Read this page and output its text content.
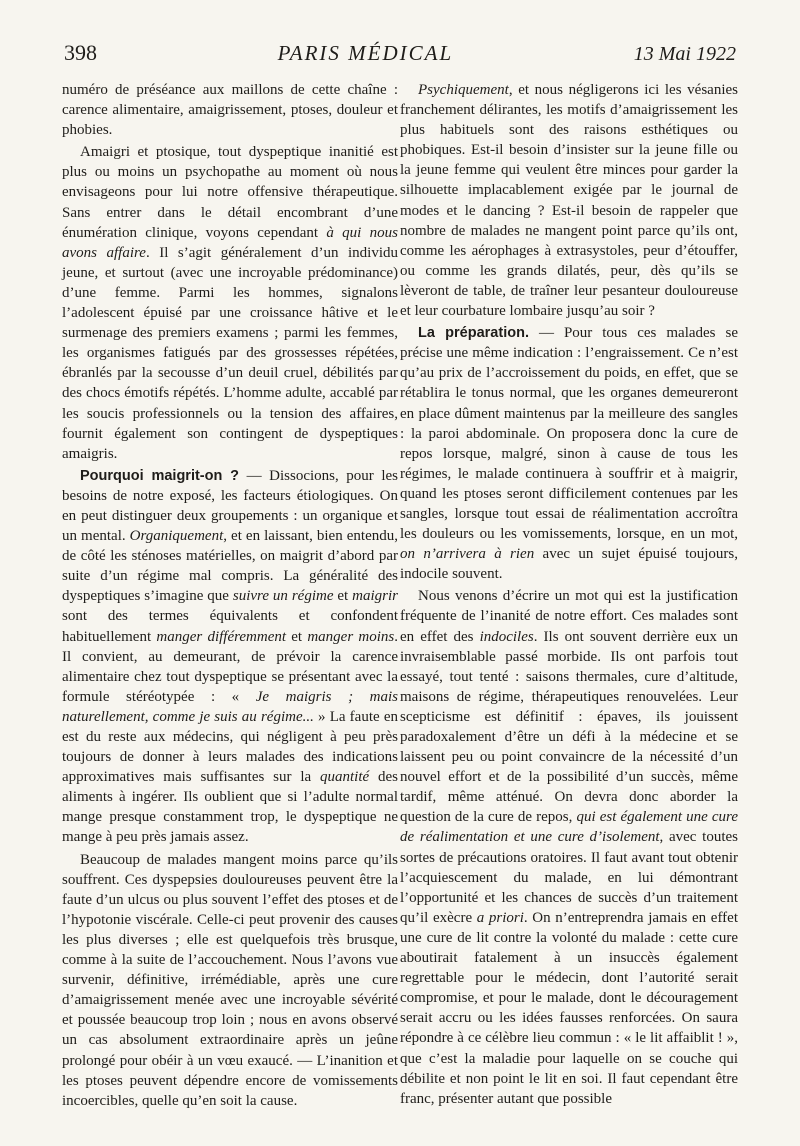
398	PARIS MÉDICAL	13 Mai 1922

numéro de préséance aux maillons de cette chaîne : carence alimentaire, amaigrissement, ptoses, douleur et phobies.

Amaigri et ptosique, tout dyspeptique inanitié est plus ou moins un psychopathe au moment où nous envisageons pour lui notre offensive thérapeutique. Sans entrer dans le détail encombrant d’une énumération clinique, voyons cependant à qui nous avons affaire. Il s’agit généralement d’un individu jeune, et surtout (avec une incroyable prédominance) d’une femme. Parmi les hommes, signalons l’adolescent épuisé par une croissance hâtive et le surmenage des premiers examens ; parmi les femmes, les organismes fatigués par des grossesses répétées, ébranlés par la secousse d’un deuil cruel, débilités par des chocs émotifs répétés. L’homme adulte, accablé par les soucis professionnels ou la tension des affaires, fournit également son contingent de dyspeptiques amaigris.

Pourquoi maigrit-on ? — Dissocions, pour les besoins de notre exposé, les facteurs étiologiques. On en peut distinguer deux groupements : un organique et un mental. Organiquement, et en laissant, bien entendu, de côté les sténoses matérielles, on maigrit d’abord par suite d’un régime mal compris. La généralité des dyspeptiques s’imagine que suivre un régime et maigrir sont des termes équivalents et confondent habituellement manger différemment et manger moins. Il convient, au demeurant, de prévoir la carence alimentaire chez tout dyspeptique se présentant avec la formule stéréotypée : « Je maigris ; mais naturellement, comme je suis au régime... » La faute en est du reste aux médecins, qui négligent à peu près toujours de donner à leurs malades des indications approximatives mais suffisantes sur la quantité des aliments à ingérer. Ils oublient que si l’adulte normal mange presque constamment trop, le dyspeptique ne mange à peu près jamais assez.

Beaucoup de malades mangent moins parce qu’ils souffrent. Ces dyspepsies douloureuses peuvent être la faute d’un ulcus ou plus souvent l’effet des ptoses et de l’hypotonie viscérale. Celle-ci peut provenir des causes les plus diverses ; elle est quelquefois très brusque, comme à la suite de l’accouchement. Nous l’avons vue survenir, définitive, irrémédiable, après une cure d’amaigrissement menée avec une incroyable sévérité et poussée beaucoup trop loin ; nous en avons observé un cas absolument extraordinaire après un jeûne prolongé pour obéir à un vœu exaucé. — L’inanition et les ptoses peuvent dépendre encore de vomissements incoercibles, quelle qu’en soit la cause.

Psychiquement, et nous négligerons ici les vésanies franchement délirantes, les motifs d’amaigrissement les plus habituels sont des raisons esthétiques ou phobiques. Est-il besoin d’insister sur la jeune fille ou la jeune femme qui veulent être minces pour garder la silhouette implacablement exigée par le journal de modes et le dancing ? Est-il besoin de rappeler que nombre de malades ne mangent point parce qu’ils ont, comme les aérophages à extrasystoles, peur d’étouffer, ou comme les grands dilatés, peur, dès qu’ils se lèveront de table, de traîner leur pesanteur douloureuse et leur courbature lombaire jusqu’au soir ?

La préparation. — Pour tous ces malades se précise une même indication : l’engraissement. Ce n’est qu’au prix de l’accroissement du poids, en effet, que se rétablira le tonus normal, que les organes demeureront en place dûment maintenus par la meilleure des sangles : la paroi abdominale. On proposera donc la cure de repos lorsque, malgré, sinon à cause de tous les régimes, le malade continuera à souffrir et à maigrir, quand les ptoses seront difficilement contenues par les sangles, lorsque tout essai de réalimentation accroîtra les douleurs ou les vomissements, lorsque, en un mot, on n’arrivera à rien avec un sujet épuisé toujours, indocile souvent.

Nous venons d’écrire un mot qui est la justification fréquente de l’inanité de notre effort. Ces malades sont en effet des indociles. Ils ont souvent derrière eux un invraisemblable passé morbide. Ils ont parfois tout essayé, tout tenté : saisons thermales, cure d’altitude, maisons de régime, thérapeutiques renouvelées. Leur scepticisme est définitif : épaves, ils jouissent paradoxalement d’être un défi à la médecine et se laissent peu ou point convaincre de la nécessité d’un nouvel effort et de la possibilité d’un succès, même tardif, même atténué. On devra donc aborder la question de la cure de repos, qui est également une cure de réalimentation et une cure d’isolement, avec toutes sortes de précautions oratoires. Il faut avant tout obtenir l’acquiescement du malade, en lui démontrant l’opportunité et les chances de succès d’un traitement qu’il exècre a priori. On n’entreprendra jamais en effet une cure de lit contre la volonté du malade : cette cure aboutirait fatalement à un insuccès également regrettable pour le médecin, dont l’autorité serait compromise, et pour le malade, dont le découragement serait accru ou les idées fausses renforcées. On saura répondre à ce célèbre lieu commun : « le lit affaiblit ! », que c’est la maladie pour laquelle on se couche qui débilite et non point le lit en soi. Il faut cependant être franc, présenter autant que possible
